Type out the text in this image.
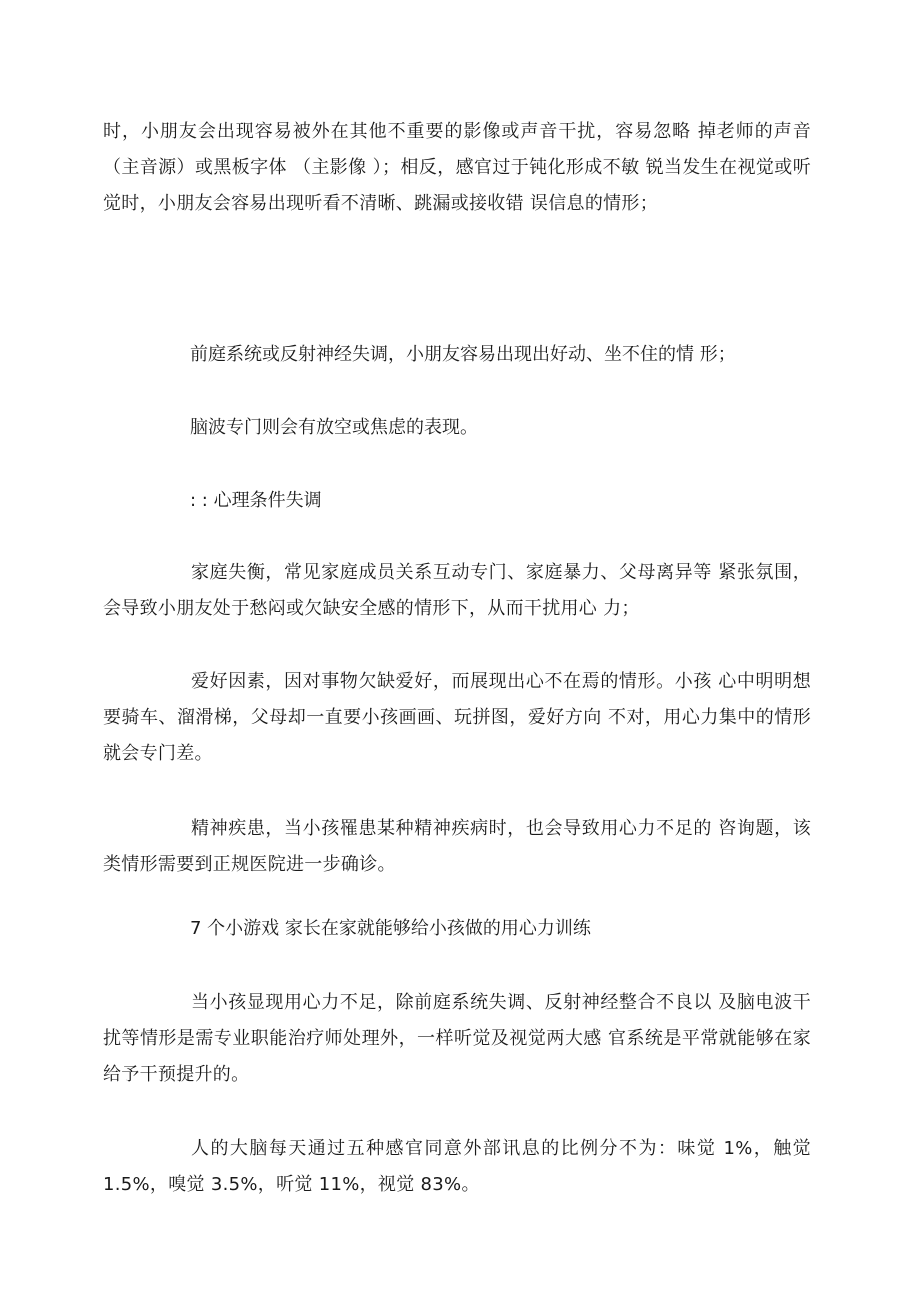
时，小朋友会出现容易被外在其他不重要的影像或声音干扰，容易忽略 掉老师的声音 （主音源）或黑板字体 （主影像 ）；相反，感官过于钝化形成不敏 锐当发生在视觉或听觉时，小朋友会容易出现听看不清晰、跳漏或接收错 误信息的情形；

前庭系统或反射神经失调，小朋友容易出现出好动、坐不住的情 形；

脑波专门则会有放空或焦虑的表现。

: : 心理条件失调

家庭失衡，常见家庭成员关系互动专门、家庭暴力、父母离异等 紧张氛围，会导致小朋友处于愁闷或欠缺安全感的情形下，从而干扰用心 力；

爱好因素，因对事物欠缺爱好，而展现出心不在焉的情形。小孩 心中明明想要骑车、溜滑梯，父母却一直要小孩画画、玩拼图，爱好方向 不对，用心力集中的情形就会专门差。

精神疾患，当小孩罹患某种精神疾病时，也会导致用心力不足的 咨询题，该类情形需要到正规医院进一步确诊。

7 个小游戏 家长在家就能够给小孩做的用心力训练

当小孩显现用心力不足，除前庭系统失调、反射神经整合不良以 及脑电波干扰等情形是需专业职能治疗师处理外，一样听觉及视觉两大感 官系统是平常就能够在家给予干预提升的。

人的大脑每天通过五种感官同意外部讯息的比例分不为：味觉 1%，触觉 1.5%，嗅觉 3.5%，听觉 11%，视觉 83%。
